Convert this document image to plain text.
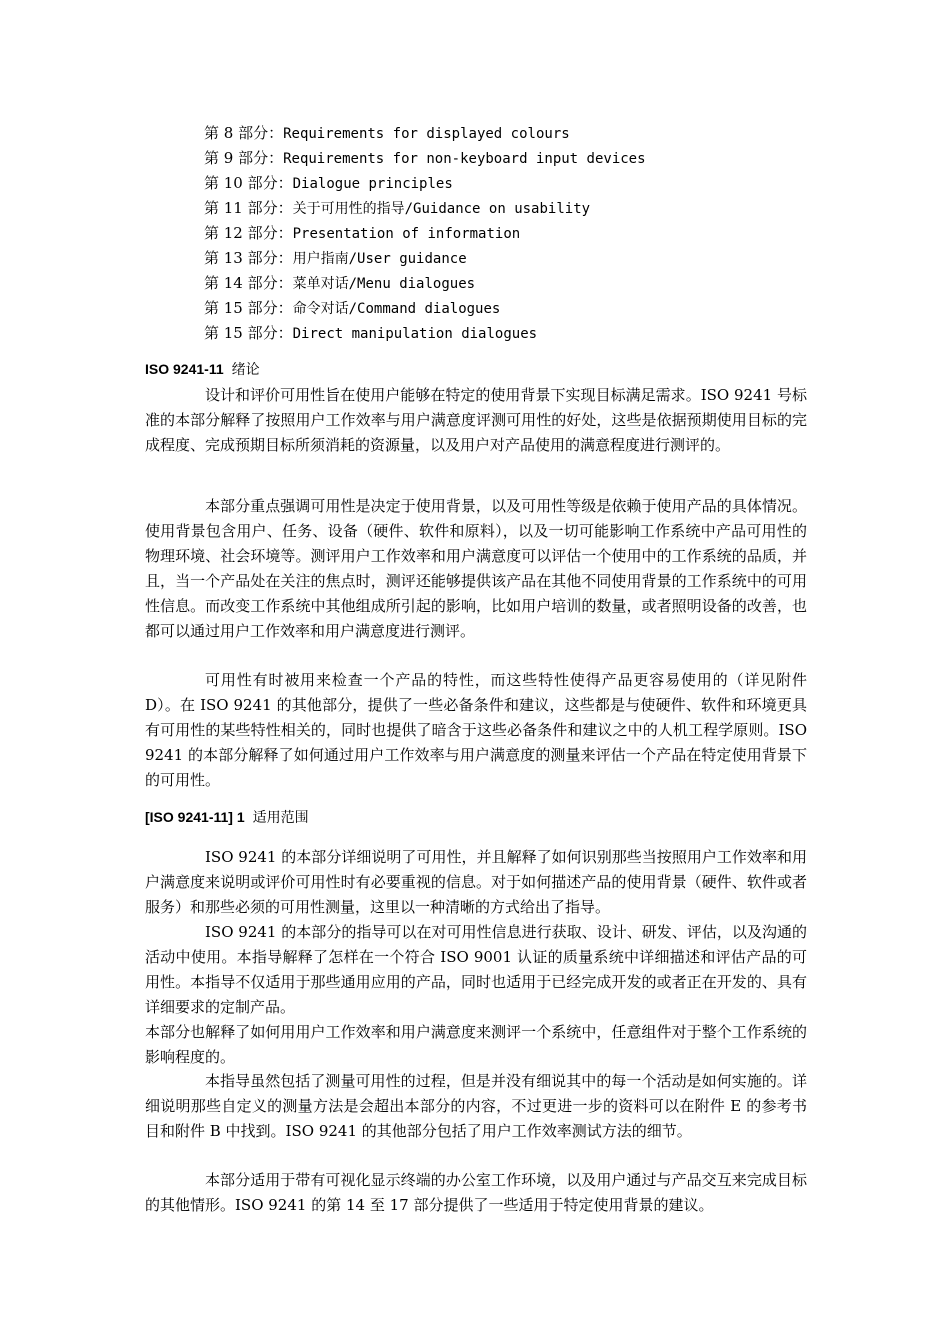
第 8 部分：Requirements for displayed colours
第 9 部分：Requirements for non-keyboard input devices
第 10 部分：Dialogue principles
第 11 部分：关于可用性的指导/Guidance on usability
第 12 部分：Presentation of information
第 13 部分：用户指南/User guidance
第 14 部分：菜单对话/Menu dialogues
第 15 部分：命令对话/Command dialogues
第 15 部分：Direct manipulation dialogues
ISO 9241-11 绪论

设计和评价可用性旨在使用户能够在特定的使用背景下实现目标满足需求。ISO 9241 号标准的本部分解释了按照用户工作效率与用户满意度评测可用性的好处，这些是依据预期使用目标的完成程度、完成预期目标所须消耗的资源量，以及用户对产品使用的满意程度进行测评的。

本部分重点强调可用性是决定于使用背景，以及可用性等级是依赖于使用产品的具体情况。使用背景包含用户、任务、设备（硬件、软件和原料），以及一切可能影响工作系统中产品可用性的物理环境、社会环境等。测评用户工作效率和用户满意度可以评估一个使用中的工作系统的品质，并且，当一个产品处在关注的焦点时，测评还能够提供该产品在其他不同使用背景的工作系统中的可用性信息。而改变工作系统中其他组成所引起的影响，比如用户培训的数量，或者照明设备的改善，也都可以通过用户工作效率和用户满意度进行测评。

可用性有时被用来检查一个产品的特性，而这些特性使得产品更容易使用的（详见附件 D）。在 ISO 9241 的其他部分，提供了一些必备条件和建议，这些都是与使硬件、软件和环境更具有可用性的某些特性相关的，同时也提供了暗含于这些必备条件和建议之中的人机工程学原则。ISO 9241 的本部分解释了如何通过用户工作效率与用户满意度的测量来评估一个产品在特定使用背景下的可用性。

[ISO 9241-11] 1 适用范围

ISO 9241 的本部分详细说明了可用性，并且解释了如何识别那些当按照用户工作效率和用户满意度来说明或评价可用性时有必要重视的信息。对于如何描述产品的使用背景（硬件、软件或者服务）和那些必须的可用性测量，这里以一种清晰的方式给出了指导。

ISO 9241 的本部分的指导可以在对可用性信息进行获取、设计、研发、评估，以及沟通的活动中使用。本指导解释了怎样在一个符合 ISO 9001 认证的质量系统中详细描述和评估产品的可用性。本指导不仅适用于那些通用应用的产品，同时也适用于已经完成开发的或者正在开发的、具有详细要求的定制产品。

本部分也解释了如何用用户工作效率和用户满意度来测评一个系统中，任意组件对于整个工作系统的影响程度的。

本指导虽然包括了测量可用性的过程，但是并没有细说其中的每一个活动是如何实施的。详细说明那些自定义的测量方法是会超出本部分的内容，不过更进一步的资料可以在附件 E 的参考书目和附件 B 中找到。ISO 9241 的其他部分包括了用户工作效率测试方法的细节。

本部分适用于带有可视化显示终端的办公室工作环境，以及用户通过与产品交互来完成目标的其他情形。ISO 9241 的第 14 至 17 部分提供了一些适用于特定使用背景的建议。
